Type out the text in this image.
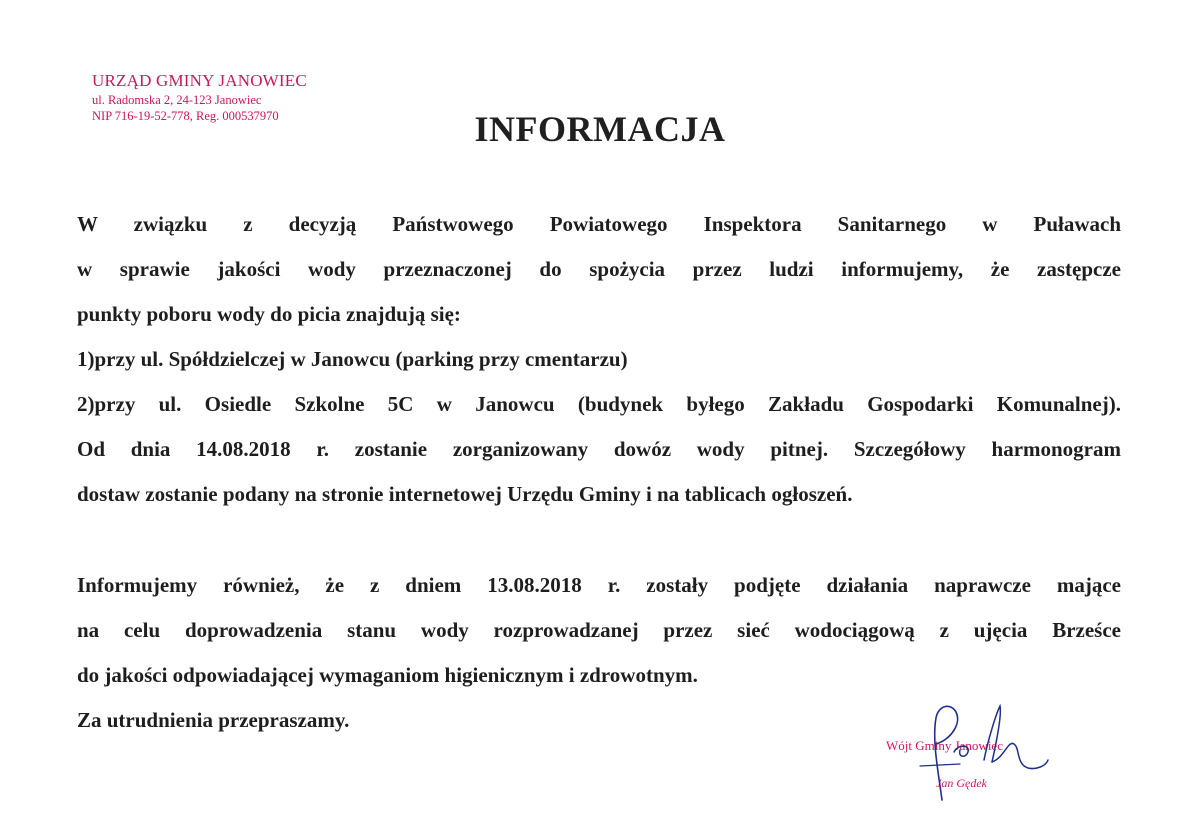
URZĄD GMINY JANOWIEC
ul. Radomska 2, 24-123 Janowiec
NIP 716-19-52-778, Reg. 000537970	INFORMACJA
W związku z decyzją Państwowego Powiatowego Inspektora Sanitarnego w Puławach
w sprawie jakości wody przeznaczonej do spożycia przez ludzi informujemy, że zastępcze
punkty poboru wody do picia znajdują się:
1)przy ul. Spółdzielczej w Janowcu (parking przy cmentarzu)
2)przy ul. Osiedle Szkolne 5C w Janowcu (budynek byłego Zakładu Gospodarki Komunalnej).
Od dnia 14.08.2018 r. zostanie zorganizowany dowóz wody pitnej. Szczegółowy harmonogram
dostaw zostanie podany na stronie internetowej Urzędu Gminy i na tablicach ogłoszeń.
Informujemy również, że z dniem 13.08.2018 r. zostały podjęte działania naprawcze mające
na celu doprowadzenia stanu wody rozprowadzanej przez sieć wodociągową z ujęcia Brześce
do jakości odpowiadającej wymaganiom higienicznym i zdrowotnym.
Za utrudnienia przepraszamy.
Wójt Gminy Janowiec
Jan Gędek
